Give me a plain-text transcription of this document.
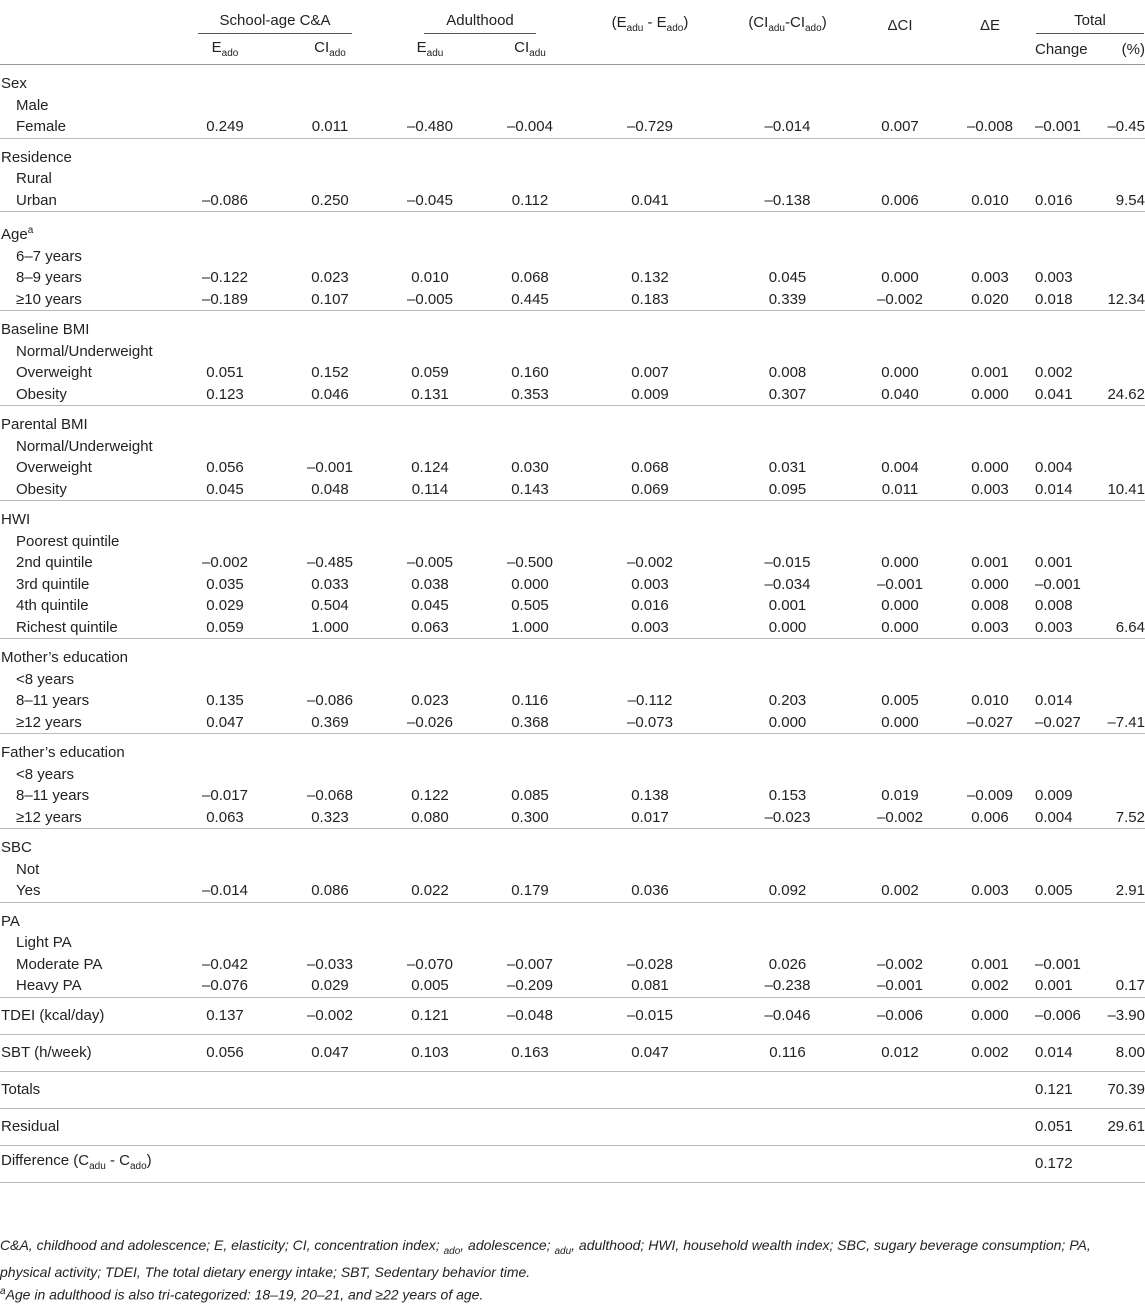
	School-age C&A		Adulthood		$(E_{adu} - E_{ado})$	$(CI_{adu}-CI_{ado})$	ΔCI	ΔE	Total	
	$E_{ado}$	$CI_{ado}$	$E_{adu}$	$CI_{adu}$					Change	(%)
Sex										
Male										
Female	0.249	0.011	–0.480	–0.004	–0.729	–0.014	0.007	–0.008	–0.001	–0.45
Residence										
Rural										
Urban	–0.086	0.250	–0.045	0.112	0.041	–0.138	0.006	0.010	0.016	9.54
Age$^a$										
6–7 years										
8–9 years	–0.122	0.023	0.010	0.068	0.132	0.045	0.000	0.003	0.003	
≥10 years	–0.189	0.107	–0.005	0.445	0.183	0.339	–0.002	0.020	0.018	12.34
Baseline BMI										
Normal/Underweight										
Overweight	0.051	0.152	0.059	0.160	0.007	0.008	0.000	0.001	0.002	
Obesity	0.123	0.046	0.131	0.353	0.009	0.307	0.040	0.000	0.041	24.62
Parental BMI										
Normal/Underweight										
Overweight	0.056	–0.001	0.124	0.030	0.068	0.031	0.004	0.000	0.004	
Obesity	0.045	0.048	0.114	0.143	0.069	0.095	0.011	0.003	0.014	10.41
HWI										
Poorest quintile										
2nd quintile	–0.002	–0.485	–0.005	–0.500	–0.002	–0.015	0.000	0.001	0.001	
3rd quintile	0.035	0.033	0.038	0.000	0.003	–0.034	–0.001	0.000	–0.001	
4th quintile	0.029	0.504	0.045	0.505	0.016	0.001	0.000	0.008	0.008	
Richest quintile	0.059	1.000	0.063	1.000	0.003	0.000	0.000	0.003	0.003	6.64
Mother’s education										
<8 years										
8–11 years	0.135	–0.086	0.023	0.116	–0.112	0.203	0.005	0.010	0.014	
≥12 years	0.047	0.369	–0.026	0.368	–0.073	0.000	0.000	–0.027	–0.027	–7.41
Father’s education										
<8 years										
8–11 years	–0.017	–0.068	0.122	0.085	0.138	0.153	0.019	–0.009	0.009	
≥12 years	0.063	0.323	0.080	0.300	0.017	–0.023	–0.002	0.006	0.004	7.52
SBC										
Not										
Yes	–0.014	0.086	0.022	0.179	0.036	0.092	0.002	0.003	0.005	2.91
PA										
Light PA										
Moderate PA	–0.042	–0.033	–0.070	–0.007	–0.028	0.026	–0.002	0.001	–0.001	
Heavy PA	–0.076	0.029	0.005	–0.209	0.081	–0.238	–0.001	0.002	0.001	0.17
TDEI (kcal/day)	0.137	–0.002	0.121	–0.048	–0.015	–0.046	–0.006	0.000	–0.006	–3.90
SBT (h/week)	0.056	0.047	0.103	0.163	0.047	0.116	0.012	0.002	0.014	8.00
Totals									0.121	70.39
Residual									0.051	29.61
Difference $(C_{adu} - C_{ado})$									0.172	
C&A, childhood and adolescence; E, elasticity; CI, concentration index; $_{ado}$, adolescence; $_{adu}$, adulthood; HWI, household wealth index; SBC, sugary beverage consumption; PA, physical activity; TDEI, The total dietary energy intake; SBT, Sedentary behavior time.
$^a$Age in adulthood is also tri-categorized: 18–19, 20–21, and ≥22 years of age.
